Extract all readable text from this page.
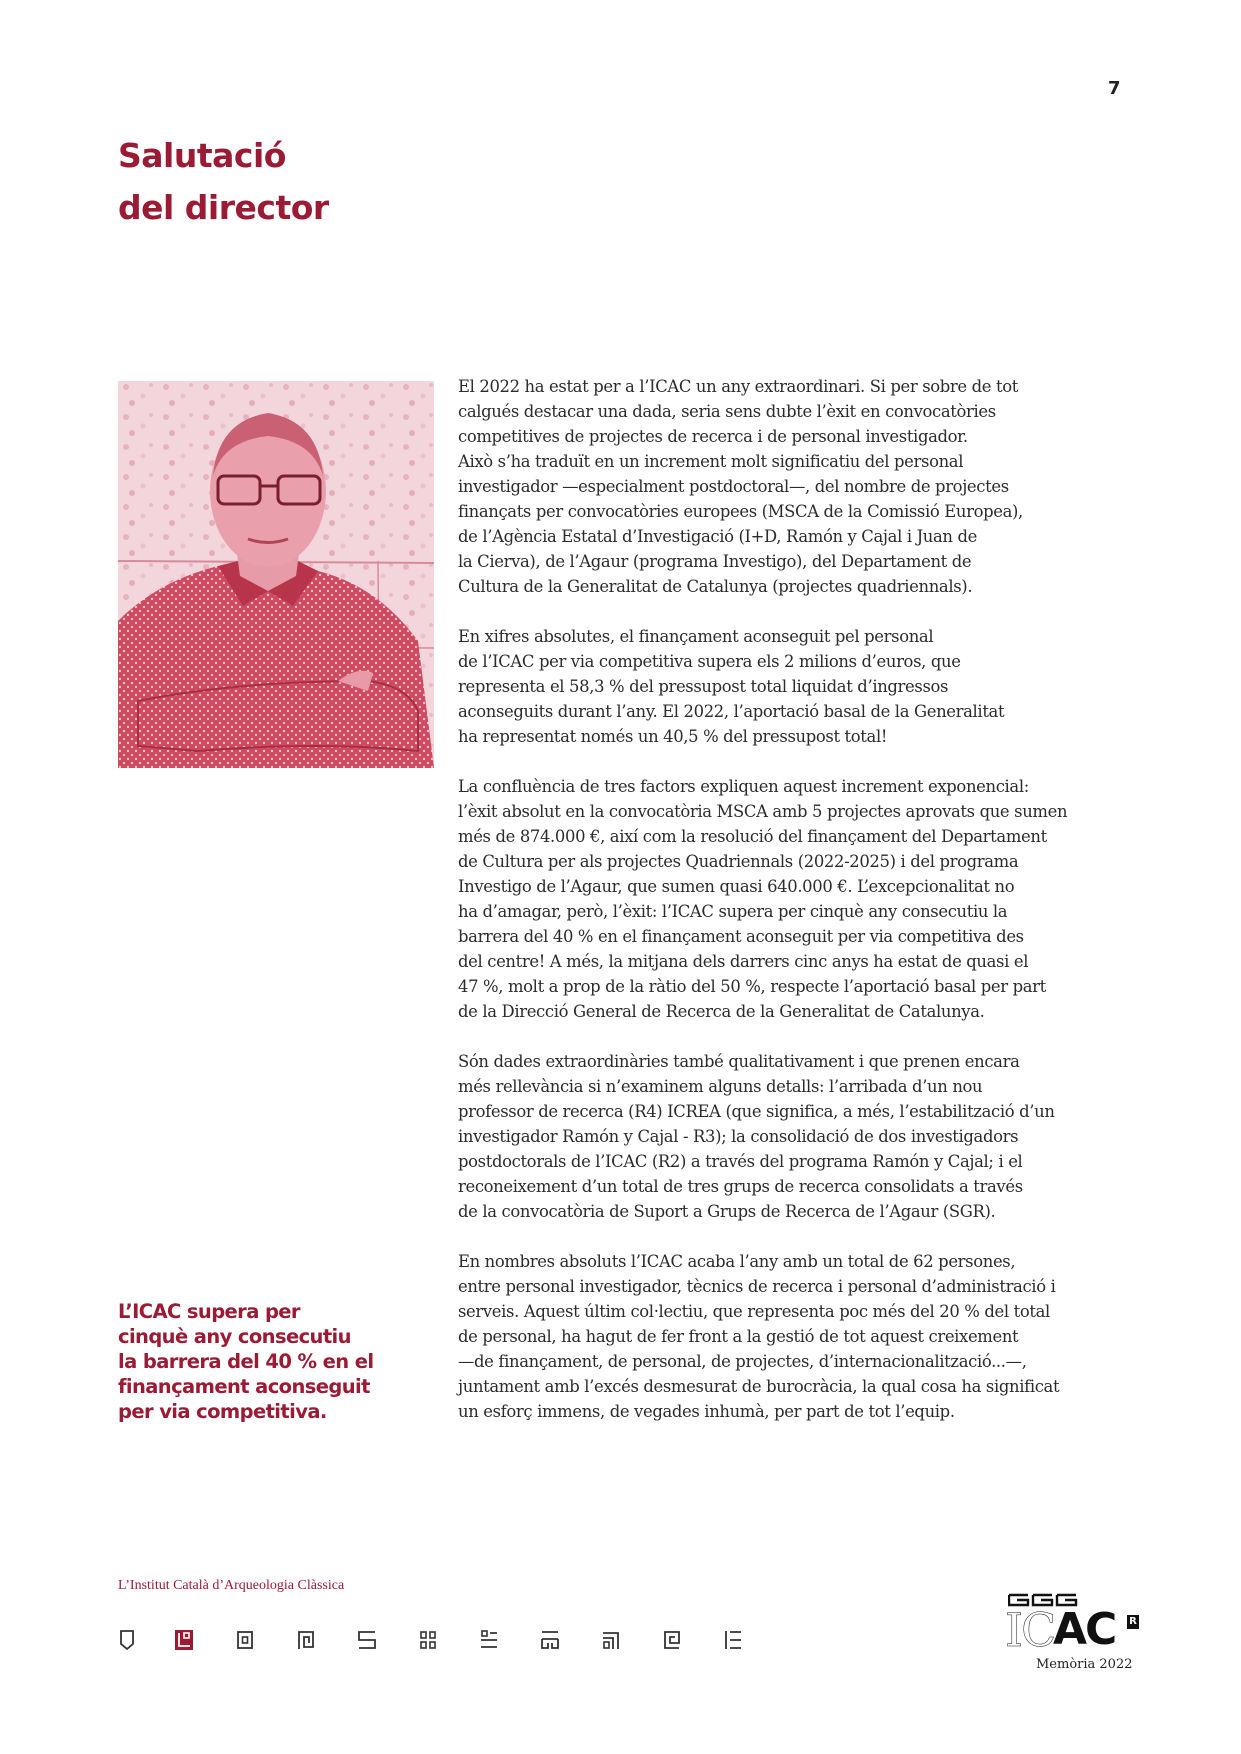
7
Salutació
del director

El 2022 ha estat per a l’ICAC un any extraordinari. Si per sobre de tot
calgués destacar una dada, seria sens dubte l’èxit en convocatòries
competitives de projectes de recerca i de personal investigador.
Això s’ha traduït en un increment molt significatiu del personal
investigador —especialment postdoctoral—, del nombre de projectes
finançats per convocatòries europees (MSCA de la Comissió Europea),
de l’Agència Estatal d’Investigació (I+D, Ramón y Cajal i Juan de
la Cierva), de l’Agaur (programa Investigo), del Departament de
Cultura de la Generalitat de Catalunya (projectes quadriennals).

En xifres absolutes, el finançament aconseguit pel personal
de l’ICAC per via competitiva supera els 2 milions d’euros, que
representa el 58,3 % del pressupost total liquidat d’ingressos
aconseguits durant l’any. El 2022, l’aportació basal de la Generalitat
ha representat només un 40,5 % del pressupost total!

La confluència de tres factors expliquen aquest increment exponencial:
l’èxit absolut en la convocatòria MSCA amb 5 projectes aprovats que sumen
més de 874.000 €, així com la resolució del finançament del Departament
de Cultura per als projectes Quadriennals (2022-2025) i del programa
Investigo de l’Agaur, que sumen quasi 640.000 €. L’excepcionalitat no
ha d’amagar, però, l’èxit: l’ICAC supera per cinquè any consecutiu la
barrera del 40 % en el finançament aconseguit per via competitiva des
del centre! A més, la mitjana dels darrers cinc anys ha estat de quasi el
47 %, molt a prop de la ràtio del 50 %, respecte l’aportació basal per part
de la Direcció General de Recerca de la Generalitat de Catalunya.

Són dades extraordinàries també qualitativament i que prenen encara
més rellevància si n’examinem alguns detalls: l’arribada d’un nou
professor de recerca (R4) ICREA (que significa, a més, l’estabilització d’un
investigador Ramón y Cajal - R3); la consolidació de dos investigadors
postdoctorals de l’ICAC (R2) a través del programa Ramón y Cajal; i el
reconeixement d’un total de tres grups de recerca consolidats a través
de la convocatòria de Suport a Grups de Recerca de l’Agaur (SGR).

En nombres absoluts l’ICAC acaba l’any amb un total de 62 persones,
entre personal investigador, tècnics de recerca i personal d’administració i
serveis. Aquest últim col·lectiu, que representa poc més del 20 % del total
de personal, ha hagut de fer front a la gestió de tot aquest creixement
—de finançament, de personal, de projectes, d’internacionalització...—,
juntament amb l’excés desmesurat de burocràcia, la qual cosa ha significat
un esforç immens, de vegades inhumà, per part de tot l’equip.

L’ICAC supera per
cinquè any consecutiu
la barrera del 40 % en el
finançament aconseguit
per via competitiva.
L’Institut Català d’Arqueologia Clàssica
IC
AC R
Memòria 2022
